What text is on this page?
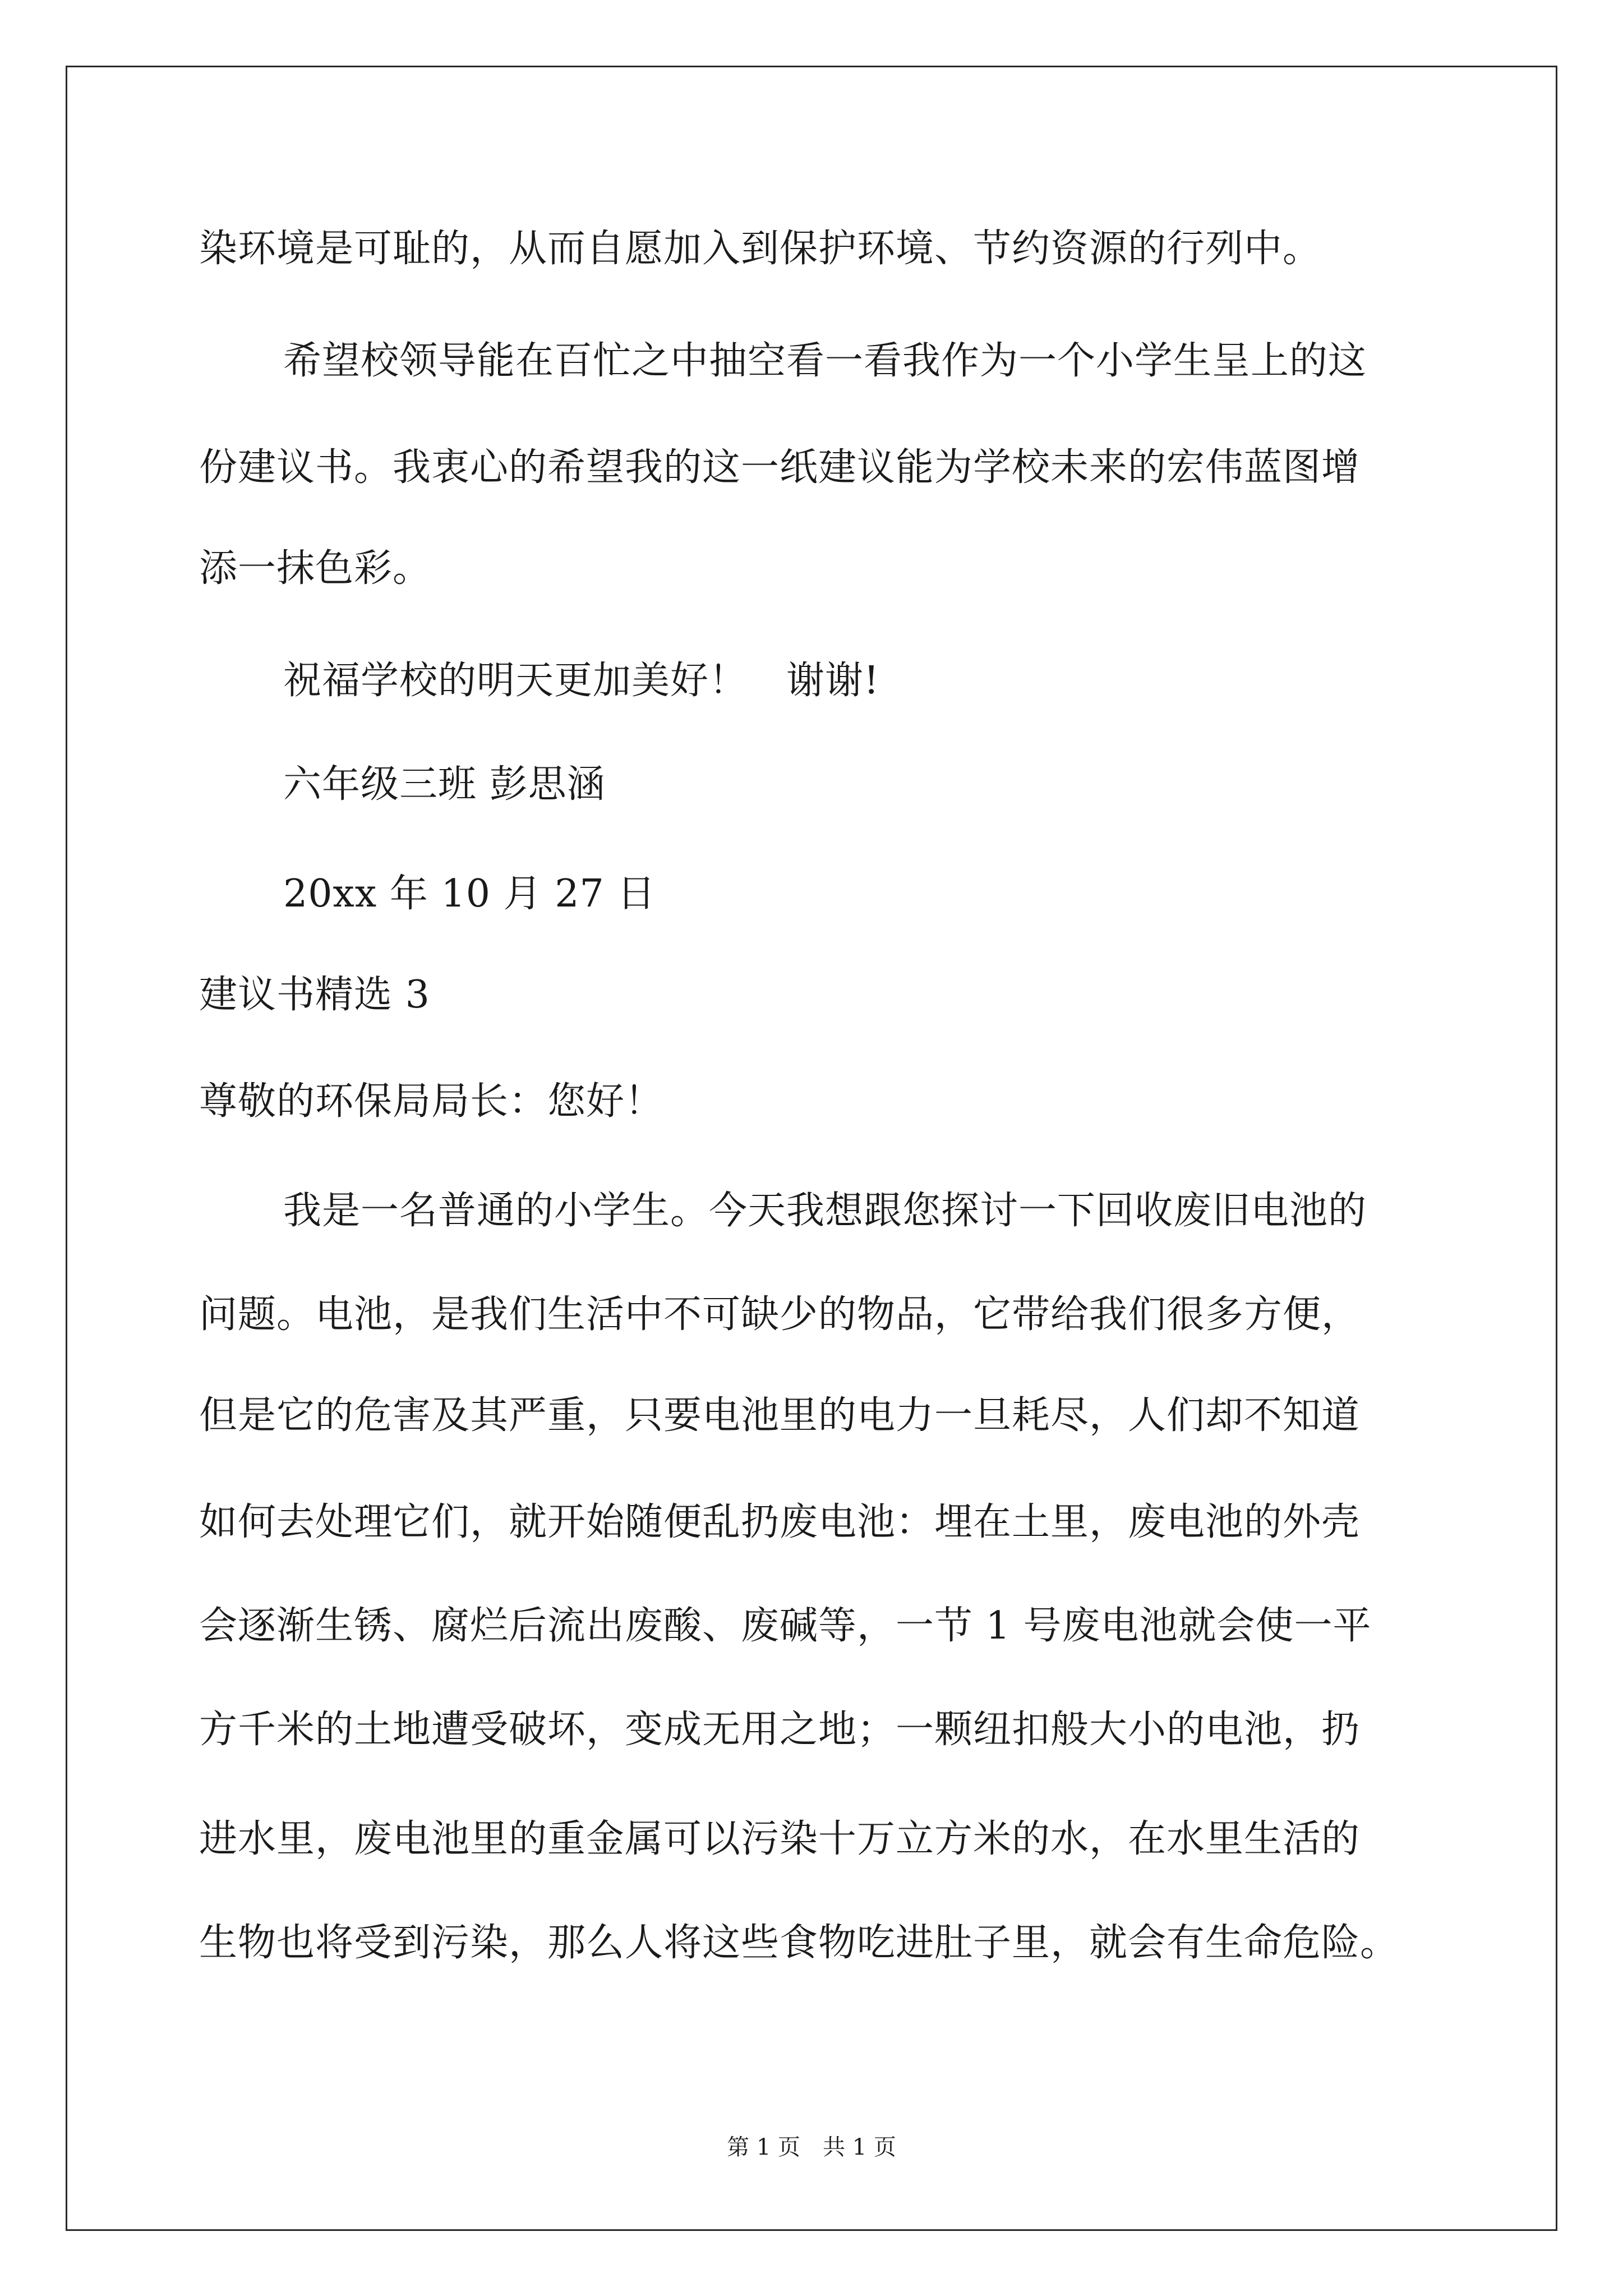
染环境是可耻的，从而自愿加入到保护环境、节约资源的行列中。
希望校领导能在百忙之中抽空看一看我作为一个小学生呈上的这
份建议书。我衷心的希望我的这一纸建议能为学校未来的宏伟蓝图增
添一抹色彩。
祝福学校的明天更加美好！　谢谢!
六年级三班 彭思涵
20xx 年 10 月 27 日
建议书精选 3
尊敬的环保局局长：您好！
我是一名普通的小学生。今天我想跟您探讨一下回收废旧电池的
问题。电池，是我们生活中不可缺少的物品，它带给我们很多方便，
但是它的危害及其严重，只要电池里的电力一旦耗尽，人们却不知道
如何去处理它们，就开始随便乱扔废电池：埋在土里，废电池的外壳
会逐渐生锈、腐烂后流出废酸、废碱等，一节 1 号废电池就会使一平
方千米的土地遭受破坏，变成无用之地；一颗纽扣般大小的电池，扔
进水里，废电池里的重金属可以污染十万立方米的水，在水里生活的
生物也将受到污染，那么人将这些食物吃进肚子里，就会有生命危险。
第 1 页　共 1 页
